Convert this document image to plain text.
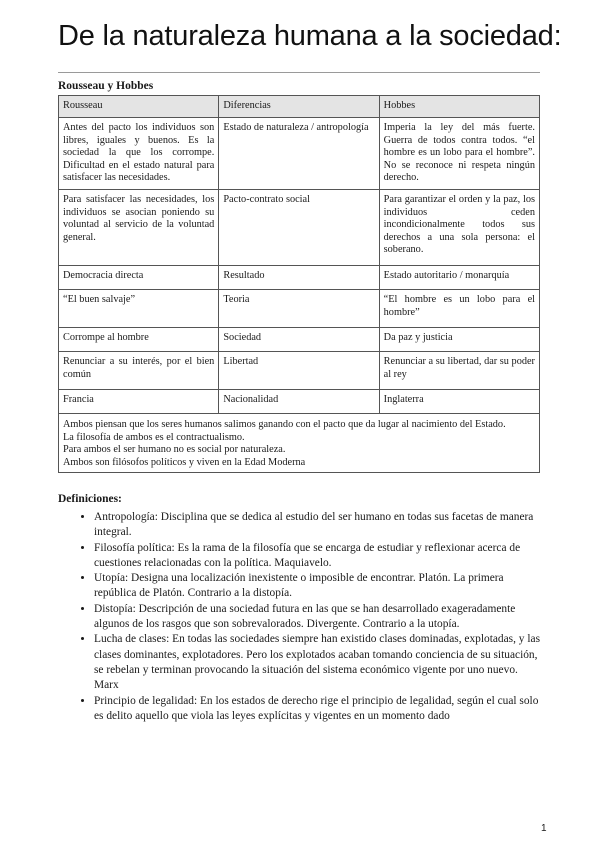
De la naturaleza humana a la sociedad:
Rousseau y Hobbes
Rousseau	Diferencias	Hobbes
Antes del pacto los individuos son libres, iguales y buenos. Es la sociedad la que los corrompe. Dificultad en el estado natural para satisfacer las necesidades.	Estado de naturaleza / antropología	Imperia la ley del más fuerte. Guerra de todos contra todos. “el hombre es un lobo para el hombre”. No se reconoce ni respeta ningún derecho.
Para satisfacer las necesidades, los individuos se asocian poniendo su voluntad al servicio de la voluntad general.	Pacto-contrato social	Para garantizar el orden y la paz, los individuos ceden incondicionalmente todos sus derechos a una sola persona: el soberano.
Democracia directa	Resultado	Estado autoritario / monarquía
“El buen salvaje”	Teoria	“El hombre es un lobo para el hombre”
Corrompe al hombre	Sociedad	Da paz y justicia
Renunciar a su interés, por el bien común	Libertad	Renunciar a su libertad, dar su poder al rey
Francia	Nacionalidad	Inglaterra

Ambos piensan que los seres humanos salimos ganando con el pacto que da lugar al nacimiento del Estado.
La filosofía de ambos es el contractualismo.
Para ambos el ser humano no es social por naturaleza.
Ambos son filósofos políticos y viven en la Edad Moderna		
Definiciones:
• Antropología: Disciplina que se dedica al estudio del ser humano en todas sus facetas de manera integral.
• Filosofía política: Es la rama de la filosofía que se encarga de estudiar y reflexionar acerca de cuestiones relacionadas con la política. Maquiavelo.
• Utopía: Designa una localización inexistente o imposible de encontrar. Platón. La primera república de Platón. Contrario a la distopía.
• Distopía: Descripción de una sociedad futura en las que se han desarrollado exageradamente algunos de los rasgos que son sobrevalorados. Divergente. Contrario a la utopía.
• Lucha de clases: En todas las sociedades siempre han existido clases dominadas, explotadas, y las clases dominantes, explotadores. Pero los explotados acaban tomando conciencia de su situación, se rebelan y terminan provocando la situación del sistema económico vigente por uno nuevo. Marx
• Principio de legalidad: En los estados de derecho rige el principio de legalidad, según el cual solo es delito aquello que viola las leyes explícitas y vigentes en un momento dado
1
